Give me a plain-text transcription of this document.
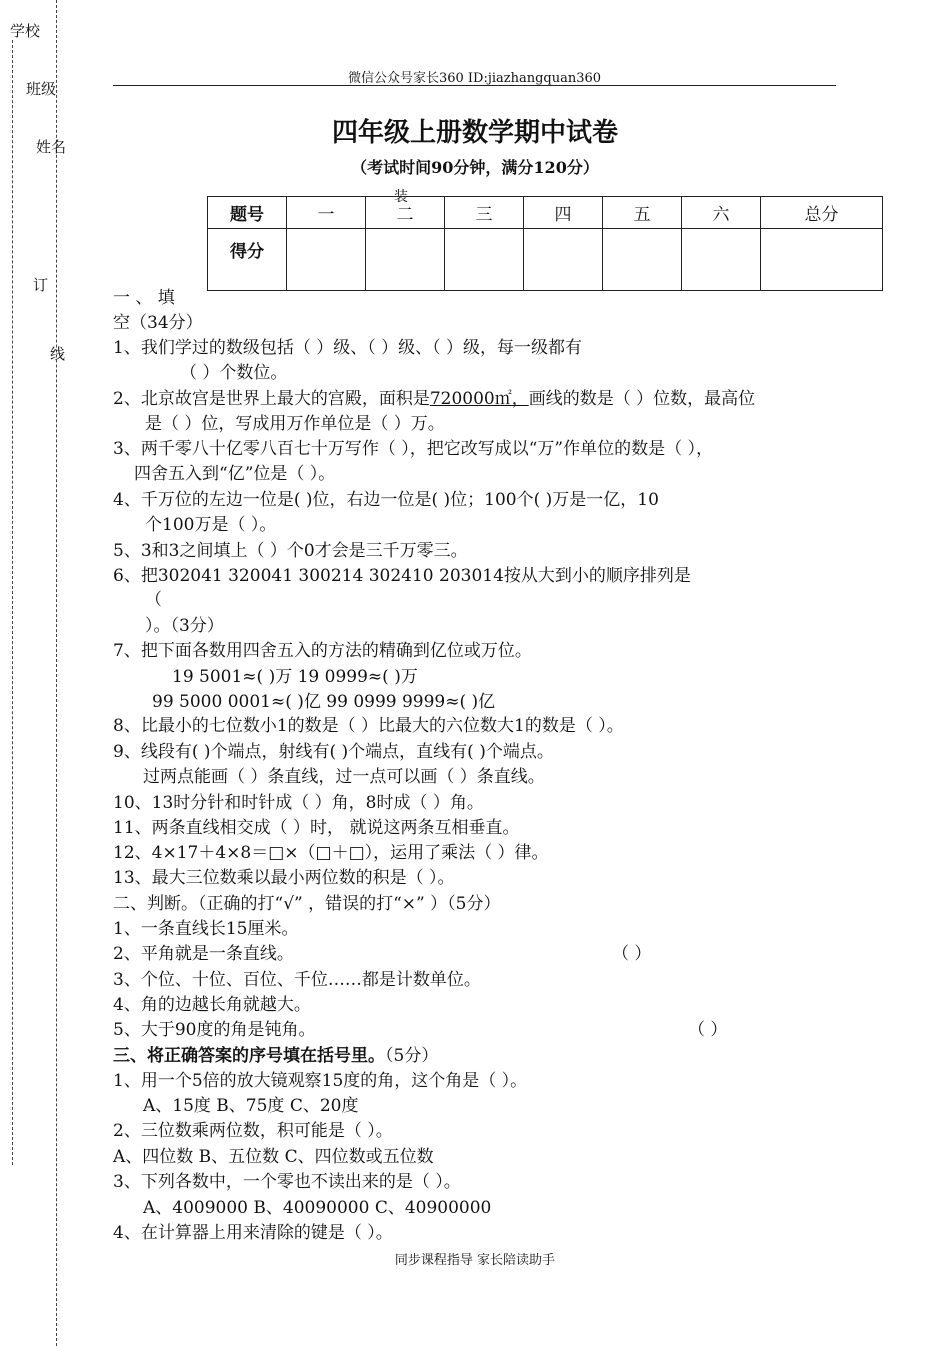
学校
班级
姓名
装
订
线
微信公众号家长360 ID:jiazhangquan360
四年级上册数学期中试卷
（考试时间90分钟，满分120分）
题号	一	二	三	四	五	六	总分
得分							
一 、 填
空（34分）
1、我们学过的数级包括（ ）级、（ ）级、（ ）级，每一级都有
（ ）个数位。
2、北京故宫是世界上最大的宫殿，面积是720000㎡，画线的数是（ ）位数，最高位
是（ ）位，写成用万作单位是（ ）万。
3、两千零八十亿零八百七十万写作（ ），把它改写成以“万”作单位的数是（ ），
四舍五入到“亿”位是（ ）。
4、千万位的左边一位是( )位，右边一位是( )位；100个( )万是一亿，10
个100万是（ ）。
5、3和3之间填上（ ）个0才会是三千万零三。
6、把302041 320041 300214 302410 203014按从大到小的顺序排列是
（
）。（3分）
7、把下面各数用四舍五入的方法的精确到亿位或万位。
19 5001≈( )万 19 0999≈( )万
99 5000 0001≈( )亿 99 0999 9999≈( )亿
8、比最小的七位数小1的数是（ ）比最大的六位数大1的数是（ ）。
9、线段有( )个端点，射线有( )个端点，直线有( )个端点。
过两点能画（ ）条直线，过一点可以画（ ）条直线。
10、13时分针和时针成（ ）角，8时成（ ）角。
11、两条直线相交成（ ）时， 就说这两条互相垂直。
12、4×17＋4×8＝□×（□＋□），运用了乘法（ ）律。
13、最大三位数乘以最小两位数的积是（ ）。
二、判断。（正确的打“√” ，错误的打“×” ）（5分）
1、一条直线长15厘米。
2、平角就是一条直线。	（ ）
3、个位、十位、百位、千位……都是计数单位。
4、角的边越长角就越大。
5、大于90度的角是钝角。	（ ）
三、将正确答案的序号填在括号里。（5分）
1、用一个5倍的放大镜观察15度的角，这个角是（ ）。
A、15度 B、75度 C、20度
2、三位数乘两位数，积可能是（ ）。
A、四位数 B、五位数 C、四位数或五位数
3、下列各数中，一个零也不读出来的是（ ）。
A、4009000 B、40090000 C、40900000
4、在计算器上用来清除的键是（ ）。
同步课程指导 家长陪读助手
